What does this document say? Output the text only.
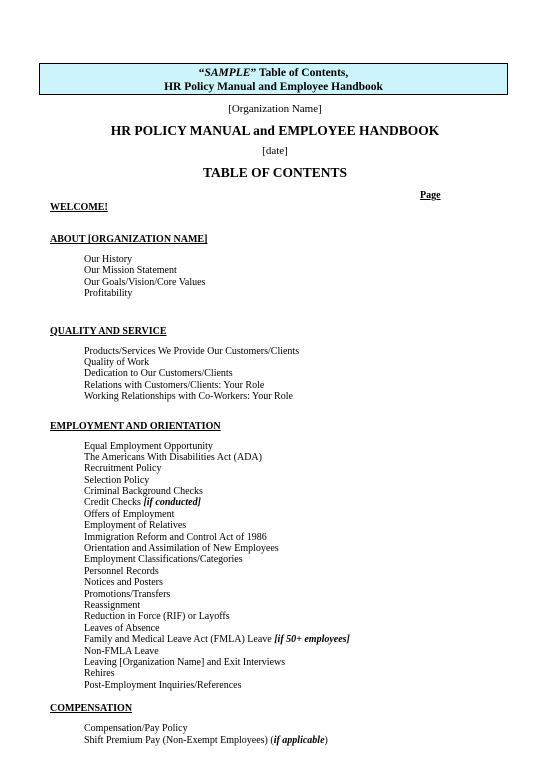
“SAMPLE” Table of Contents,
HR Policy Manual and Employee Handbook
[Organization Name]
HR POLICY MANUAL and EMPLOYEE HANDBOOK
[date]
TABLE OF CONTENTS
Page
WELCOME!
ABOUT [ORGANIZATION NAME]
Our History
Our Mission Statement
Our Goals/Vision/Core Values
Profitability
QUALITY AND SERVICE
Products/Services We Provide Our Customers/Clients
Quality of Work
Dedication to Our Customers/Clients
Relations with Customers/Clients: Your Role
Working Relationships with Co-Workers: Your Role
EMPLOYMENT AND ORIENTATION
Equal Employment Opportunity
The Americans With Disabilities Act (ADA)
Recruitment Policy
Selection Policy
Criminal Background Checks
Credit Checks [if conducted]
Offers of Employment
Employment of Relatives
Immigration Reform and Control Act of 1986
Orientation and Assimilation of New Employees
Employment Classifications/Categories
Personnel Records
Notices and Posters
Promotions/Transfers
Reassignment
Reduction in Force (RIF) or Layoffs
Leaves of Absence
Family and Medical Leave Act (FMLA) Leave [if 50+ employees]
Non-FMLA Leave
Leaving [Organization Name] and Exit Interviews
Rehires
Post-Employment Inquiries/References
COMPENSATION
Compensation/Pay Policy
Shift Premium Pay (Non-Exempt Employees) (if applicable)
